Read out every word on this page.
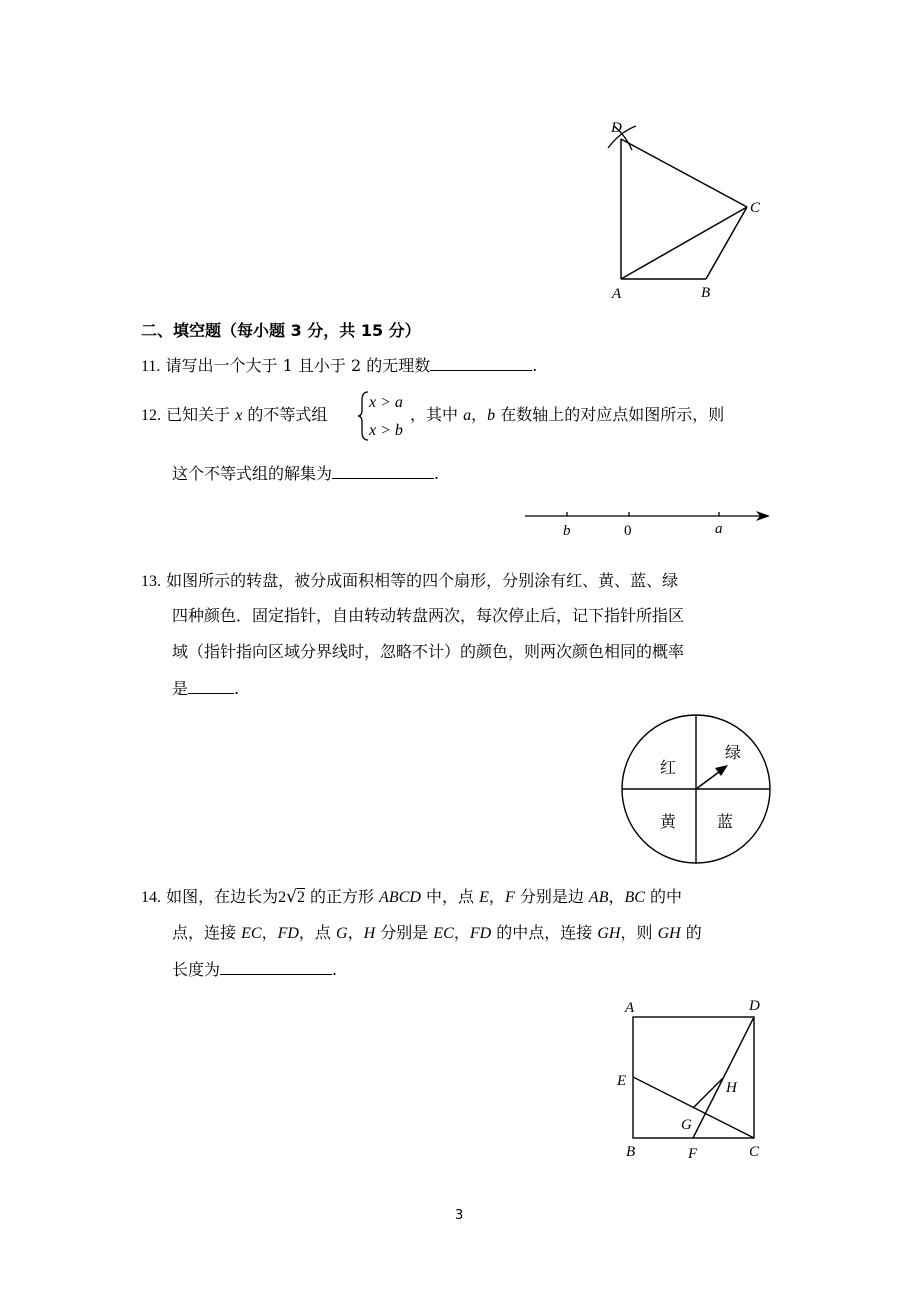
D
C
A	B
二、填空题（每小题 3 分，共 15 分）
11. 请写出一个大于 1 且小于 2 的无理数	.
12. 已知关于 x 的不等式组
x > a
x > b
，其中 a，b 在数轴上的对应点如图所示，则
这个不等式组的解集为	.
b	0	a
13. 如图所示的转盘，被分成面积相等的四个扇形，分别涂有红、黄、蓝、绿
四种颜色．固定指针，自由转动转盘两次，每次停止后，记下指针所指区
域（指针指向区域分界线时，忽略不计）的颜色，则两次颜色相同的概率
是	.
红
绿
黄	蓝
14. 如图，在边长为2√2 的正方形 ABCD 中，点 E，F 分别是边 AB，BC 的中
点，连接 EC，FD，点 G，H 分别是 EC，FD 的中点，连接 GH，则 GH 的
长度为	.
A	D
E	H
G
B	F	C
3
